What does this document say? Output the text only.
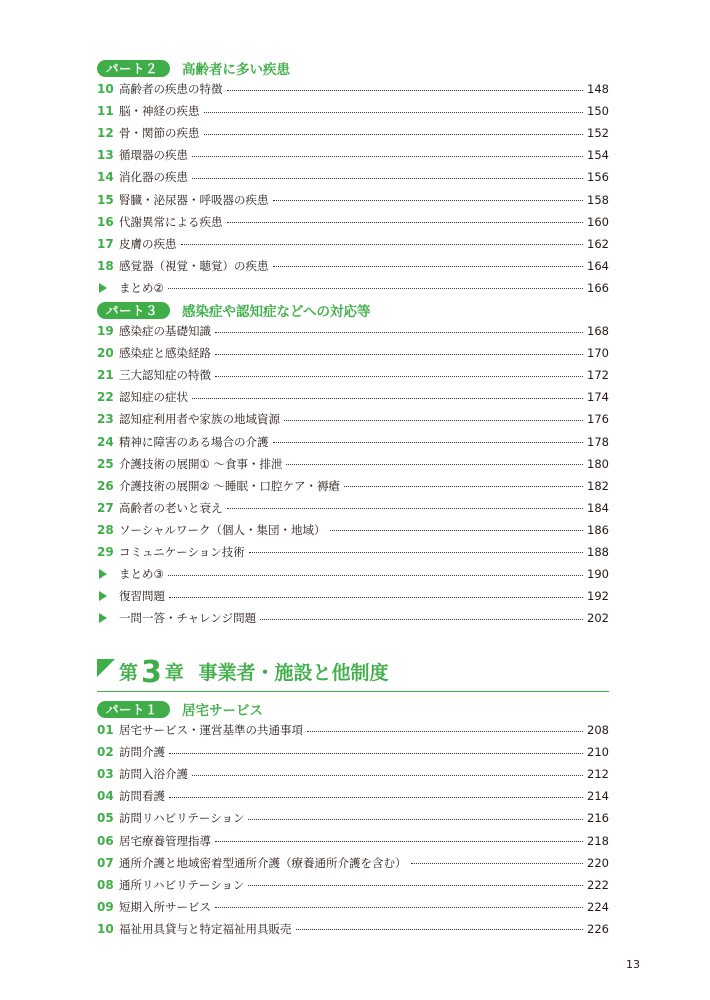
パート２	高齢者に多い疾患
10 高齢者の疾患の特徴	148
11 脳・神経の疾患	150
12 骨・関節の疾患	152
13 循環器の疾患	154
14 消化器の疾患	156
15 腎臓・泌尿器・呼吸器の疾患	158
16 代謝異常による疾患	160
17 皮膚の疾患	162
18 感覚器（視覚・聴覚）の疾患	164
まとめ②	166
パート３	感染症や認知症などへの対応等
19 感染症の基礎知識	168
20 感染症と感染経路	170
21 三大認知症の特徴	172
22 認知症の症状	174
23 認知症利用者や家族の地域資源	176
24 精神に障害のある場合の介護	178
25 介護技術の展開① ～食事・排泄	180
26 介護技術の展開② ～睡眠・口腔ケア・褥瘡	182
27 高齢者の老いと衰え	184
28 ソーシャルワーク（個人・集団・地域）	186
29 コミュニケーション技術	188
まとめ③	190
復習問題	192
一問一答・チャレンジ問題	202
第 3 章 事業者・施設と他制度
パート１	居宅サービス
01 居宅サービス・運営基準の共通事項	208
02 訪問介護	210
03 訪問入浴介護	212
04 訪問看護	214
05 訪問リハビリテーション	216
06 居宅療養管理指導	218
07 通所介護と地域密着型通所介護（療養通所介護を含む）	220
08 通所リハビリテーション	222
09 短期入所サービス	224
10 福祉用具貸与と特定福祉用具販売	226
13
